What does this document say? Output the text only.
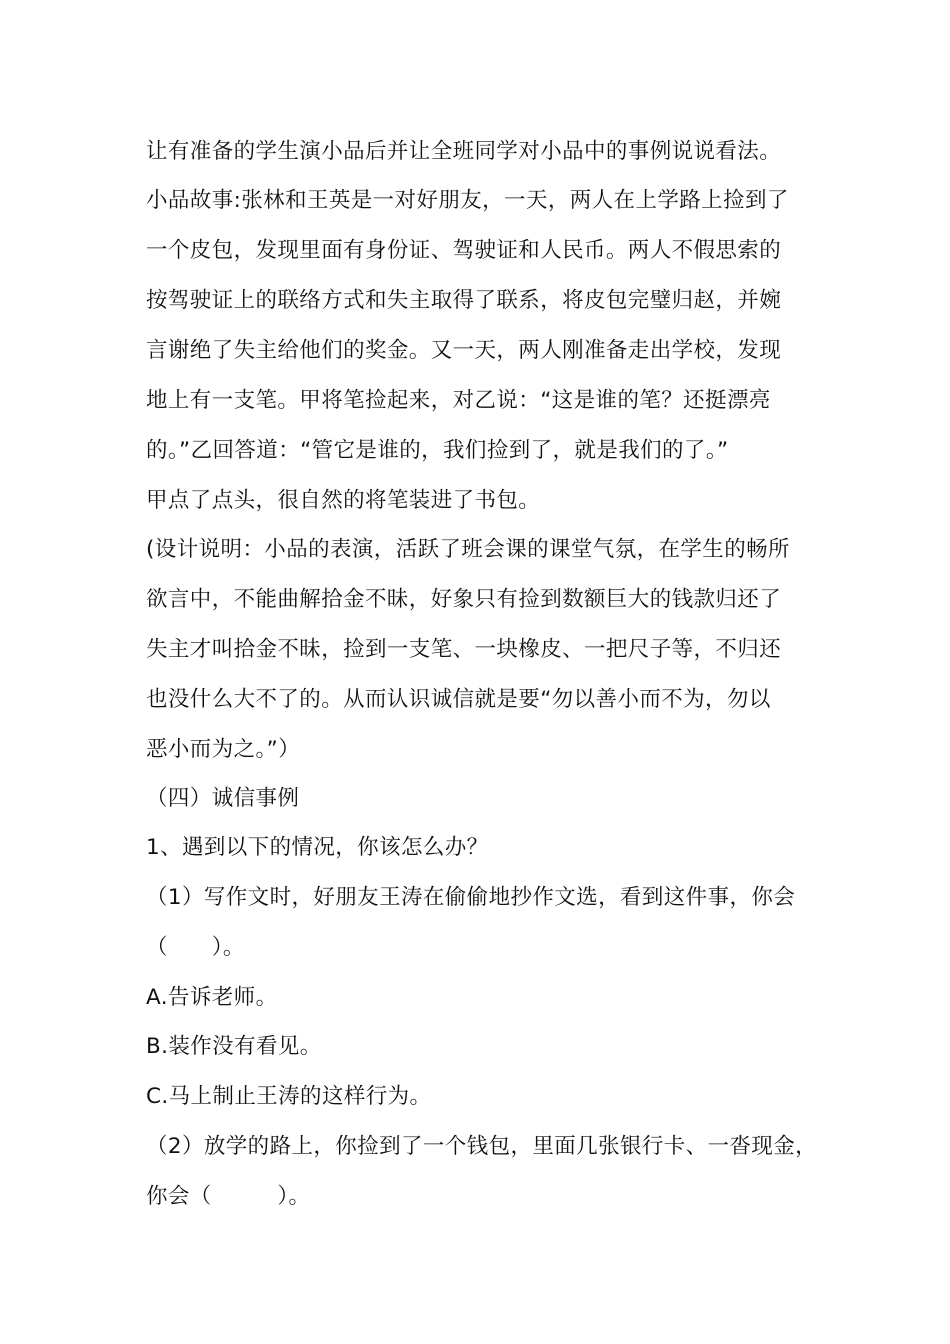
让有准备的学生演小品后并让全班同学对小品中的事例说说看法。
小品故事:张林和王英是一对好朋友，一天，两人在上学路上捡到了
一个皮包，发现里面有身份证、驾驶证和人民币。两人不假思索的
按驾驶证上的联络方式和失主取得了联系，将皮包完璧归赵，并婉
言谢绝了失主给他们的奖金。又一天，两人刚准备走出学校，发现
地上有一支笔。甲将笔捡起来，对乙说：“这是谁的笔？还挺漂亮
的。”乙回答道：“管它是谁的，我们捡到了，就是我们的了。”
甲点了点头，很自然的将笔装进了书包。
(设计说明：小品的表演，活跃了班会课的课堂气氛，在学生的畅所
欲言中，不能曲解拾金不昧，好象只有捡到数额巨大的钱款归还了
失主才叫拾金不昧，捡到一支笔、一块橡皮、一把尺子等，不归还
也没什么大不了的。从而认识诚信就是要“勿以善小而不为，勿以
恶小而为之。”）
（四）诚信事例
1、遇到以下的情况，你该怎么办？
（1）写作文时，好朋友王涛在偷偷地抄作文选，看到这件事，你会
（　　）。
A.告诉老师。
B.装作没有看见。
C.马上制止王涛的这样行为。
（2）放学的路上，你捡到了一个钱包，里面几张银行卡、一沓现金，
你会（　　　）。
